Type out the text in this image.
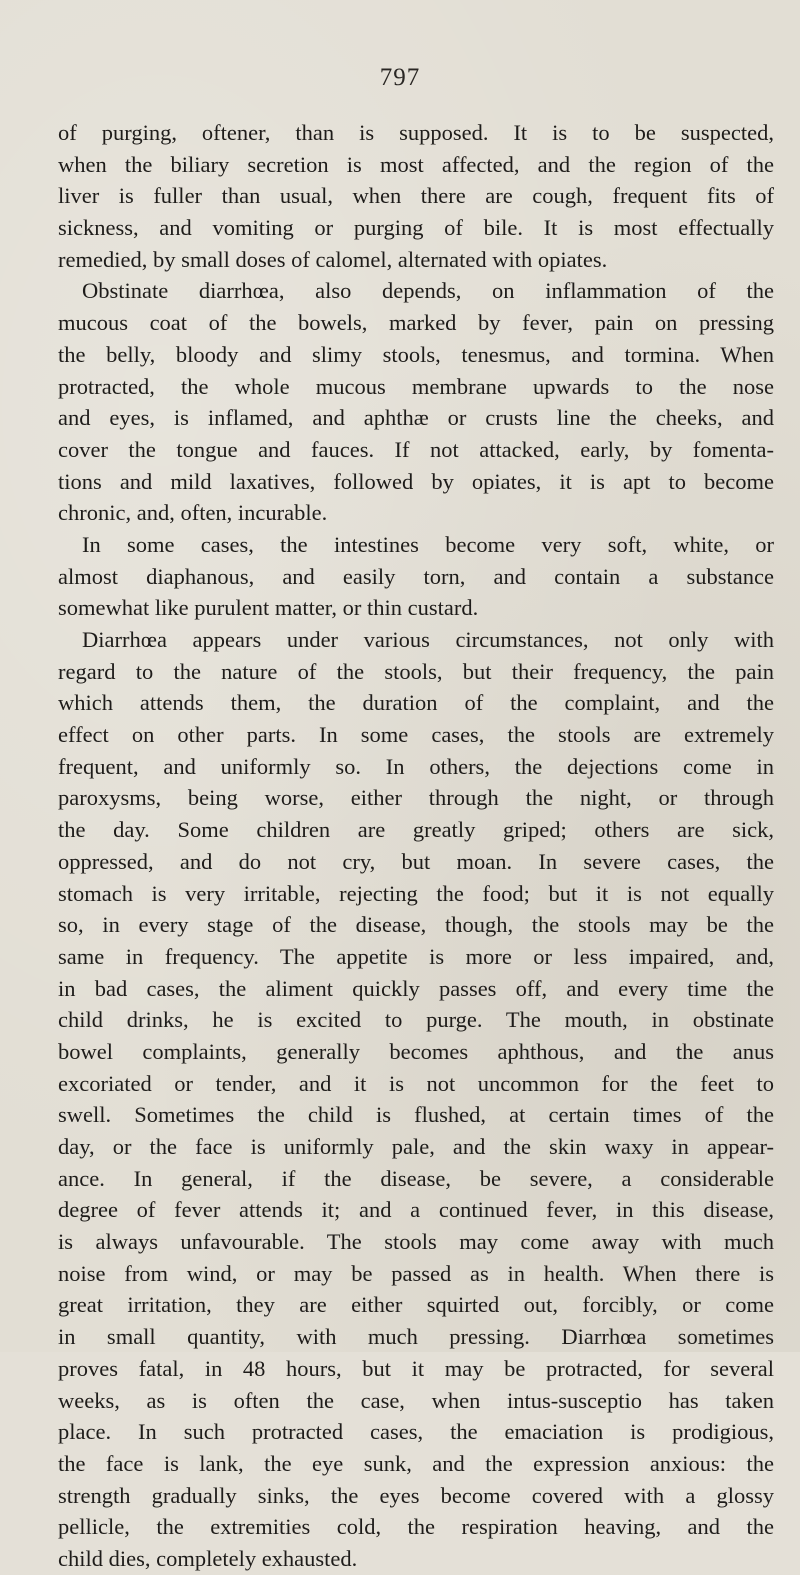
797
of purging, oftener, than is supposed. It is to be suspected,
when the biliary secretion is most affected, and the region of the
liver is fuller than usual, when there are cough, frequent fits of
sickness, and vomiting or purging of bile. It is most effectually
remedied, by small doses of calomel, alternated with opiates.
Obstinate diarrhœa, also depends, on inflammation of the
mucous coat of the bowels, marked by fever, pain on pressing
the belly, bloody and slimy stools, tenesmus, and tormina. When
protracted, the whole mucous membrane upwards to the nose
and eyes, is inflamed, and aphthæ or crusts line the cheeks, and
cover the tongue and fauces. If not attacked, early, by fomenta-
tions and mild laxatives, followed by opiates, it is apt to become
chronic, and, often, incurable.
In some cases, the intestines become very soft, white, or
almost diaphanous, and easily torn, and contain a substance
somewhat like purulent matter, or thin custard.
Diarrhœa appears under various circumstances, not only with
regard to the nature of the stools, but their frequency, the pain
which attends them, the duration of the complaint, and the
effect on other parts. In some cases, the stools are extremely
frequent, and uniformly so. In others, the dejections come in
paroxysms, being worse, either through the night, or through
the day. Some children are greatly griped; others are sick,
oppressed, and do not cry, but moan. In severe cases, the
stomach is very irritable, rejecting the food; but it is not equally
so, in every stage of the disease, though, the stools may be the
same in frequency. The appetite is more or less impaired, and,
in bad cases, the aliment quickly passes off, and every time the
child drinks, he is excited to purge. The mouth, in obstinate
bowel complaints, generally becomes aphthous, and the anus
excoriated or tender, and it is not uncommon for the feet to
swell. Sometimes the child is flushed, at certain times of the
day, or the face is uniformly pale, and the skin waxy in appear-
ance. In general, if the disease, be severe, a considerable
degree of fever attends it; and a continued fever, in this disease,
is always unfavourable. The stools may come away with much
noise from wind, or may be passed as in health. When there is
great irritation, they are either squirted out, forcibly, or come
in small quantity, with much pressing. Diarrhœa sometimes
proves fatal, in 48 hours, but it may be protracted, for several
weeks, as is often the case, when intus-susceptio has taken
place. In such protracted cases, the emaciation is prodigious,
the face is lank, the eye sunk, and the expression anxious: the
strength gradually sinks, the eyes become covered with a glossy
pellicle, the extremities cold, the respiration heaving, and the
child dies, completely exhausted.
